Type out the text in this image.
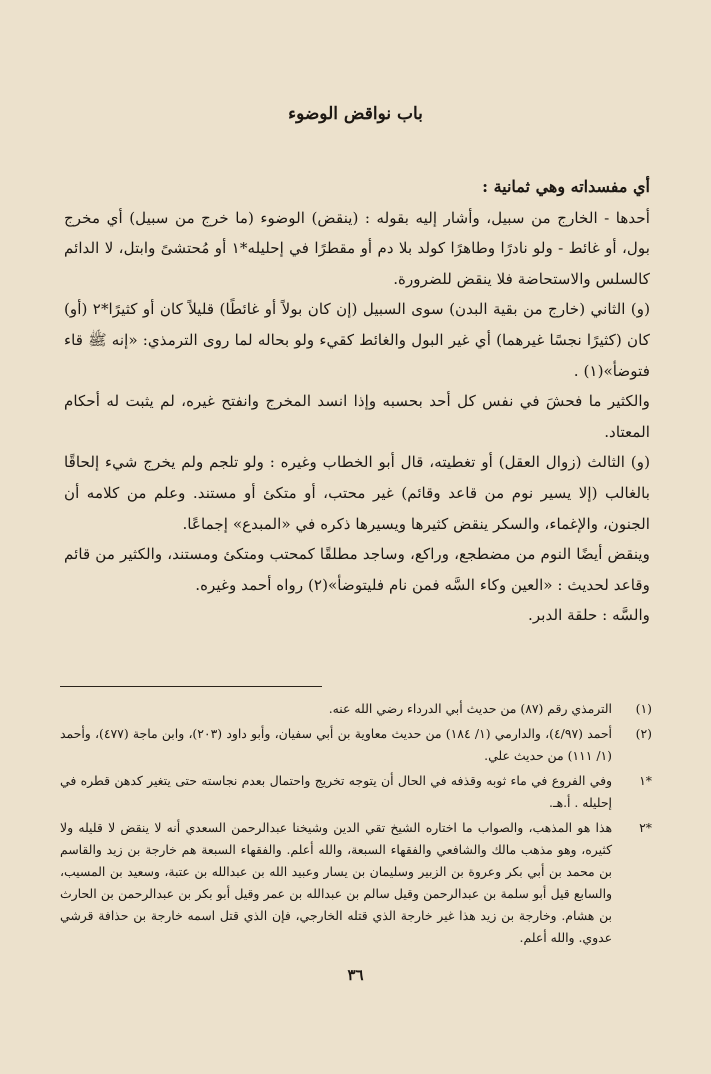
باب نواقض الوضوء

أي مفسداته وهي ثمانية :

أحدها - الخارج من سبيل، وأشار إليه بقوله : (ينقض) الوضوء (ما خرج من سبيل) أي مخرج بول، أو غائط - ولو نادرًا وطاهرًا كولد بلا دم أو مقطرًا في إحليله*١ أو مُحتشىً وابتل، لا الدائم كالسلس والاستحاضة فلا ينقض للضرورة.

(و) الثاني (خارج من بقية البدن) سوى السبيل (إن كان بولاً أو غائطًا) قليلاً كان أو كثيرًا*٢ (أو) كان (كثيرًا نجسًا غيرهما) أي غير البول والغائط كقيء ولو بحاله لما روى الترمذي: «إنه ﷺ قاء فتوضأ»(١) .

والكثير ما فحشَ في نفس كل أحد بحسبه وإذا انسد المخرج وانفتح غيره، لم يثبت له أحكام المعتاد.

(و) الثالث (زوال العقل) أو تغطيته، قال أبو الخطاب وغيره : ولو تلجم ولم يخرج شيء إلحاقًا بالغالب (إلا يسير نوم من قاعد وقائم) غير محتب، أو متكئ أو مستند. وعلم من كلامه أن الجنون، والإغماء، والسكر ينقض كثيرها ويسيرها ذكره في «المبدع» إجماعًا.

وينقض أيضًا النوم من مضطجع، وراكع، وساجد مطلقًا كمحتب ومتكئ ومستند، والكثير من قائم وقاعد لحديث : «العين وكاء السَّه فمن نام فليتوضأ»(٢) رواه أحمد وغيره.

والسَّه : حلقة الدبر.

(١)
الترمذي رقم (٨٧) من حديث أبي الدرداء رضي الله عنه.
(٢)
أحمد (٤/٩٧)، والدارمي (١/ ١٨٤) من حديث معاوية بن أبي سفيان، وأبو داود (٢٠٣)، وابن ماجة (٤٧٧)، وأحمد (١/ ١١١) من حديث علي.
*١
وفي الفروع في ماء ثوبه وقذفه في الحال أن يتوجه تخريج واحتمال بعدم نجاسته حتى يتغير كدهن قطره في إحليله . أ.هـ.
*٢
هذا هو المذهب، والصواب ما اختاره الشيخ تقي الدين وشيخنا عبدالرحمن السعدي أنه لا ينقض لا قليله ولا كثيره، وهو مذهب مالك والشافعي والفقهاء السبعة، والله أعلم. والفقهاء السبعة هم خارجة بن زيد والقاسم بن محمد بن أبي بكر وعروة بن الزبير وسليمان بن يسار وعبيد الله بن عبدالله بن عتبة، وسعيد بن المسيب، والسابع قيل أبو سلمة بن عبدالرحمن وقيل سالم بن عبدالله بن عمر وقيل أبو بكر بن عبدالرحمن بن الحارث بن هشام. وخارجة بن زيد هذا غير خارجة الذي قتله الخارجي، فإن الذي قتل اسمه خارجة بن حذافة قرشي عدوي. والله أعلم.
٣٦
